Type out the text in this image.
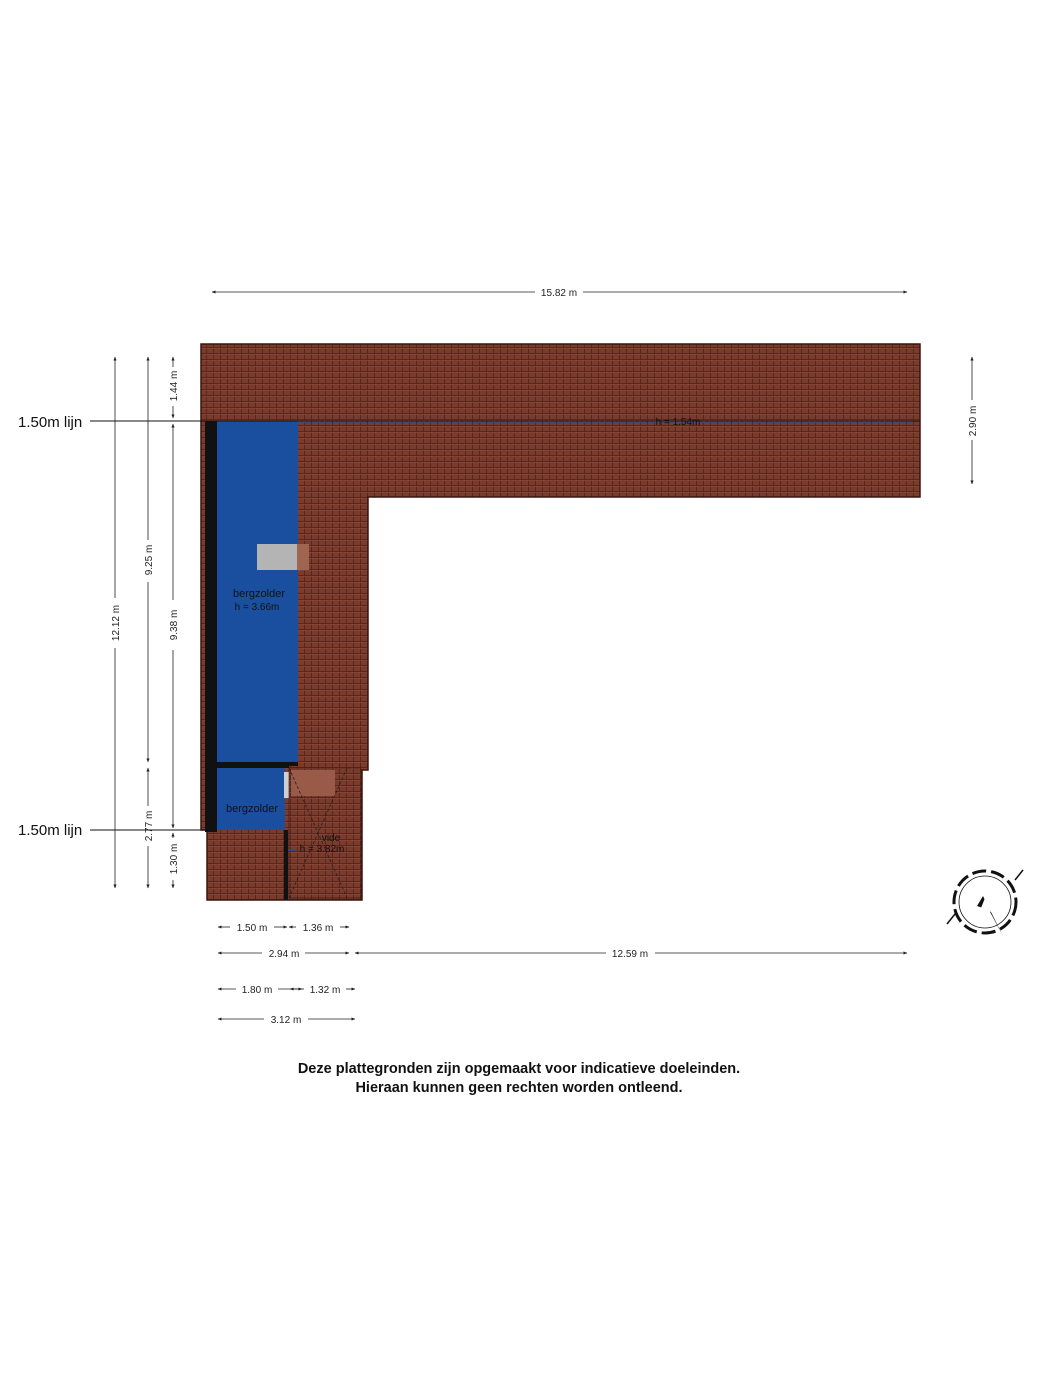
1.50m lijn
1.50m lijn
bergzolder
h = 3.66m
bergzolder
vide
h = 3.82m
h = 1.54m
15.82 m
2.90 m
12.12 m
9.25 m
2.77 m
1.44 m
9.38 m
1.30 m
1.50 m	1.36 m
2.94 m	12.59 m
1.80 m	1.32 m
3.12 m
Deze plattegronden zijn opgemaakt voor indicatieve doeleinden.
Hieraan kunnen geen rechten worden ontleend.
